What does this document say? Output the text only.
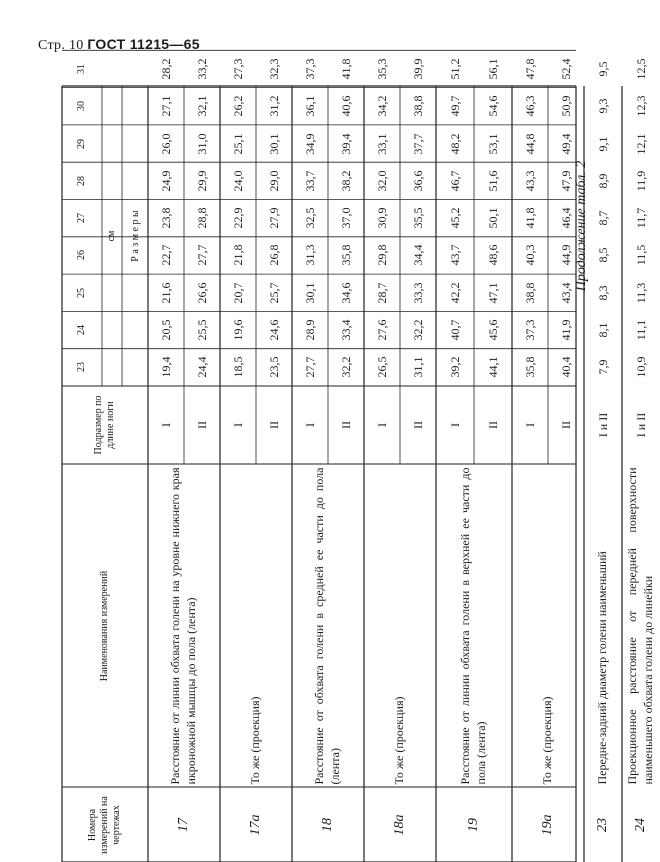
Стр. 10 ГОСТ 11215—65
Продолжение табл. 2
Номера измерений на чертежах
Наименования измерений
Подразмер по длине ноги
Р а з м е р ы
см
23
24
25
26
27
28
29
30
31
17
Расстояние от линии обхвата голени на уровне нижнего края икроножной мышцы до пола (лента)
I
19,4
20,5
21,6
22,7
23,8
24,9
26,0
27,1
28,2
II
24,4
25,5
26,6
27,7
28,8
29,9
31,0
32,1
33,2
17а
То же (проекция)
I
18,5
19,6
20,7
21,8
22,9
24,0
25,1
26,2
27,3
II
23,5
24,6
25,7
26,8
27,9
29,0
30,1
31,2
32,3
18
Расстояние от обхвата голени в средней ее части до пола (лента)
I
27,7
28,9
30,1
31,3
32,5
33,7
34,9
36,1
37,3
II
32,2
33,4
34,6
35,8
37,0
38,2
39,4
40,6
41,8
18а
То же (проекция)
I
26,5
27,6
28,7
29,8
30,9
32,0
33,1
34,2
35,3
II
31,1
32,2
33,3
34,4
35,5
36,6
37,7
38,8
39,9
19
Расстояние от линии обхвата голени в верхней ее части до пола (лента)
I
39,2
40,7
42,2
43,7
45,2
46,7
48,2
49,7
51,2
II
44,1
45,6
47,1
48,6
50,1
51,6
53,1
54,6
56,1
19а
То же (проекция)
I
35,8
37,3
38,8
40,3
41,8
43,3
44,8
46,3
47,8
II
40,4
41,9
43,4
44,9
46,4
47,9
49,4
50,9
52,4
23
Передне-задний диаметр голени наименьший
I и II
7,9
8,1
8,3
8,5
8,7
8,9
9,1
9,3
9,5
24
Проекционное расстояние от передней поверхности наименьшего обхвата голени до линейки
I и II
10,9
11,1
11,3
11,5
11,7
11,9
12,1
12,3
12,5
